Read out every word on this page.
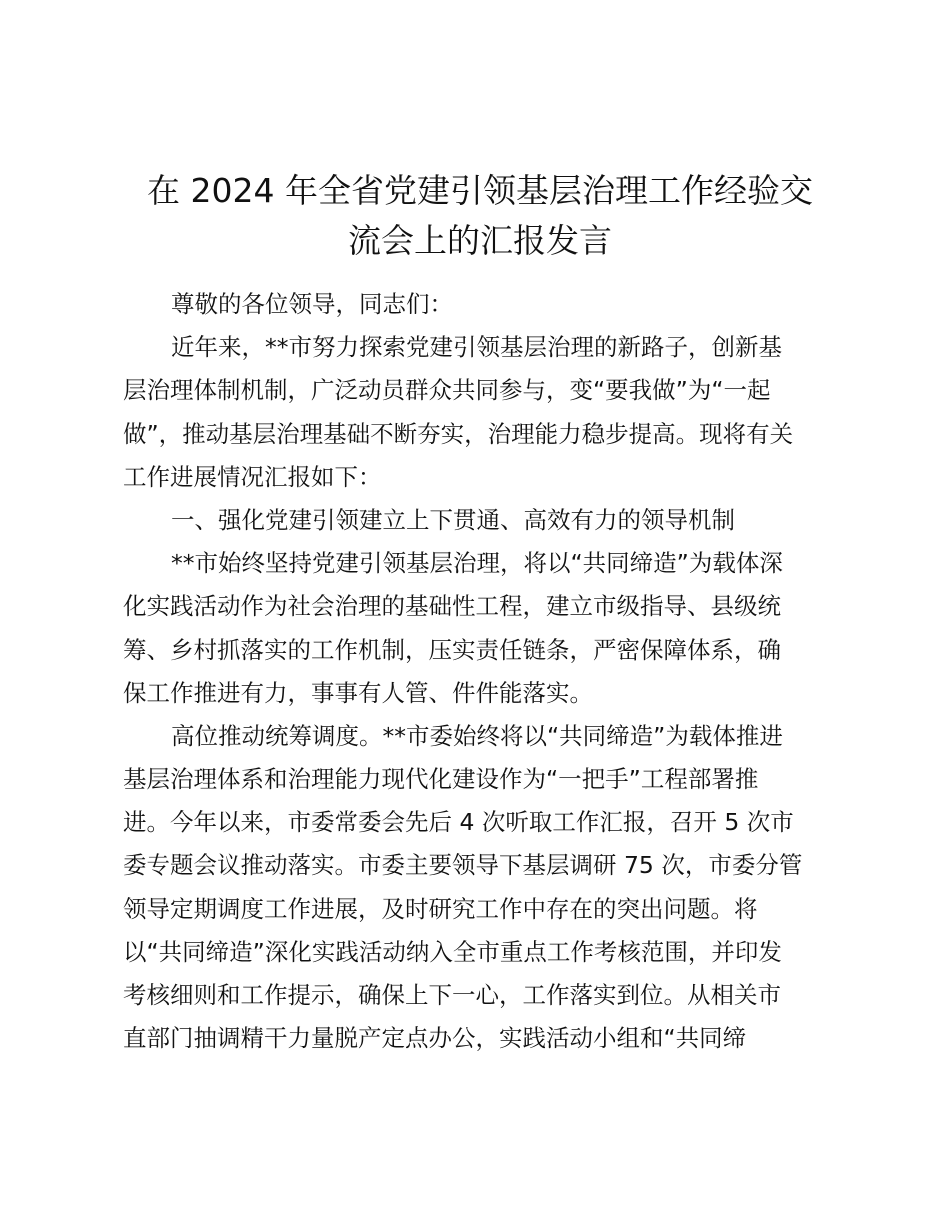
在 2024 年全省党建引领基层治理工作经验交
流会上的汇报发言
尊敬的各位领导，同志们：
近年来，**市努力探索党建引领基层治理的新路子，创新基
层治理体制机制，广泛动员群众共同参与，变“要我做”为“一起
做”，推动基层治理基础不断夯实，治理能力稳步提高。现将有关
工作进展情况汇报如下：
一、强化党建引领建立上下贯通、高效有力的领导机制
**市始终坚持党建引领基层治理，将以“共同缔造”为载体深
化实践活动作为社会治理的基础性工程，建立市级指导、县级统
筹、乡村抓落实的工作机制，压实责任链条，严密保障体系，确
保工作推进有力，事事有人管、件件能落实。
高位推动统筹调度。**市委始终将以“共同缔造”为载体推进
基层治理体系和治理能力现代化建设作为“一把手”工程部署推
进。今年以来，市委常委会先后 4 次听取工作汇报，召开 5 次市
委专题会议推动落实。市委主要领导下基层调研 75 次，市委分管
领导定期调度工作进展，及时研究工作中存在的突出问题。将
以“共同缔造”深化实践活动纳入全市重点工作考核范围，并印发
考核细则和工作提示，确保上下一心，工作落实到位。从相关市
直部门抽调精干力量脱产定点办公，实践活动小组和“共同缔
